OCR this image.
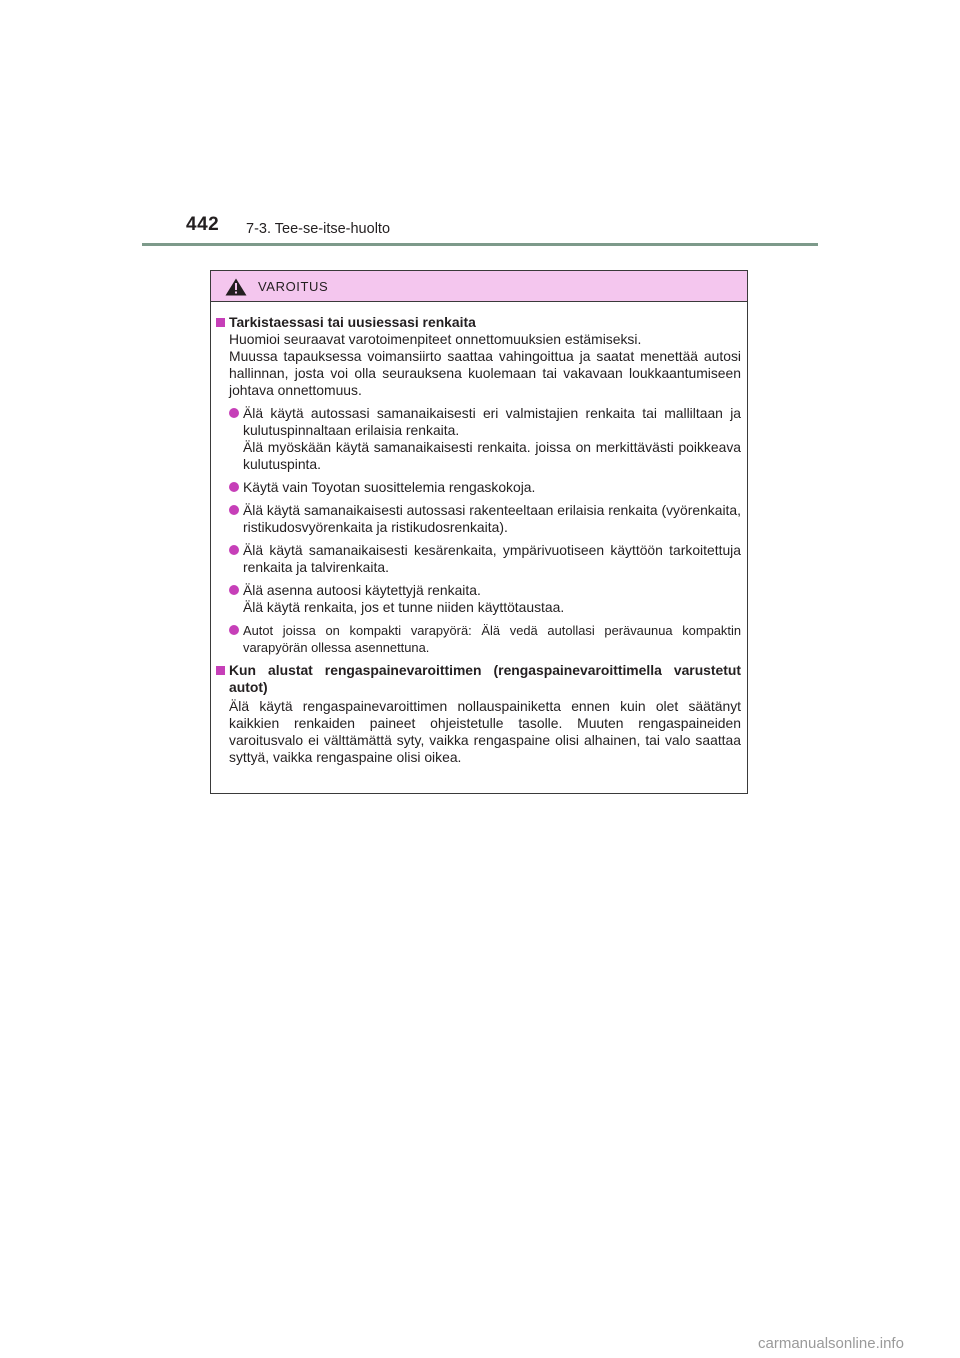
442 7-3. Tee-se-itse-huolto
VAROITUS
Tarkistaessasi tai uusiessasi renkaita
Huomioi seuraavat varotoimenpiteet onnettomuuksien estämiseksi.
Muussa tapauksessa voimansiirto saattaa vahingoittua ja saatat menettää autosi hallinnan, josta voi olla seurauksena kuolemaan tai vakavaan loukkaantumiseen johtava onnettomuus.
Älä käytä autossasi samanaikaisesti eri valmistajien renkaita tai malliltaan ja kulutuspinnaltaan erilaisia renkaita.
Älä myöskään käytä samanaikaisesti renkaita. joissa on merkittävästi poikkeava kulutuspinta.
Käytä vain Toyotan suosittelemia rengaskokoja.
Älä käytä samanaikaisesti autossasi rakenteeltaan erilaisia renkaita (vyörenkaita, ristikudosvyörenkaita ja ristikudosrenkaita).
Älä käytä samanaikaisesti kesärenkaita, ympärivuotiseen käyttöön tarkoitettuja renkaita ja talvirenkaita.
Älä asenna autoosi käytettyjä renkaita.
Älä käytä renkaita, jos et tunne niiden käyttötaustaa.
Autot joissa on kompakti varapyörä: Älä vedä autollasi perävaunua kompaktin varapyörän ollessa asennettuna.
Kun alustat rengaspainevaroittimen (rengaspainevaroittimella varustetut autot)
Älä käytä rengaspainevaroittimen nollauspainiketta ennen kuin olet säätänyt kaikkien renkaiden paineet ohjeistetulle tasolle. Muuten rengaspaineiden varoitusvalo ei välttämättä syty, vaikka rengaspaine olisi alhainen, tai valo saattaa syttyä, vaikka rengaspaine olisi oikea.
carmanualsonline.info
